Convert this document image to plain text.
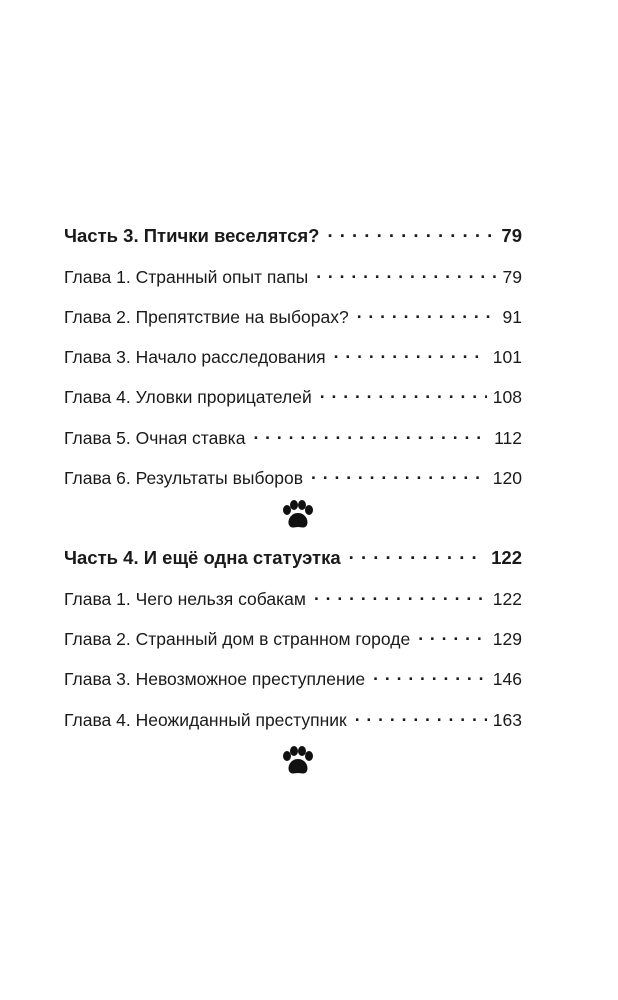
Часть 3. Птички веселятся? . . .	79
Глава 1. Странный опыт папы . . .	79
Глава 2. Препятствие на выборах? . . .	91
Глава 3. Начало расследования . . .	101
Глава 4. Уловки прорицателей . . .	108
Глава 5. Очная ставка . . .	112
Глава 6. Результаты выборов . . .	120
Часть 4. И ещё одна статуэтка . . .	122
Глава 1. Чего нельзя собакам . . .	122
Глава 2. Странный дом в странном городе . . .	129
Глава 3. Невозможное преступление . . .	146
Глава 4. Неожиданный преступник . . .	163
